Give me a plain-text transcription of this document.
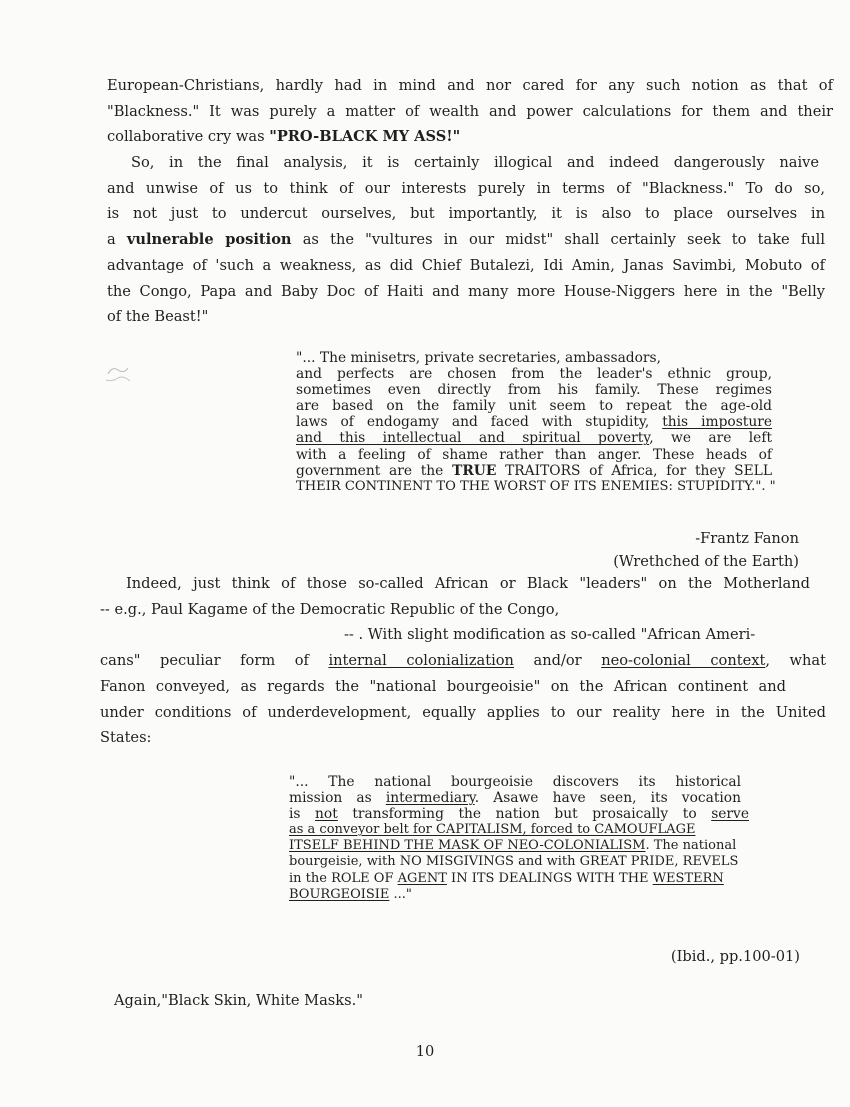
European-Christians, hardly had in mind and nor cared for any such notion as that of
"Blackness." It was purely a matter of wealth and power calculations for them and their
collaborative cry was "PRO-BLACK MY ASS!"
So, in the final analysis, it is certainly illogical and indeed dangerously naive
and unwise of us to think of our interests purely in terms of "Blackness." To do so,
is not just to undercut ourselves, but importantly, it is also to place ourselves in
a vulnerable position as the "vultures in our midst" shall certainly seek to take full
advantage of 'such a weakness, as did Chief Butalezi, Idi Amin, Janas Savimbi, Mobuto of
the Congo, Papa and Baby Doc of Haiti and many more House-Niggers here in the "Belly
of the Beast!"
"... The minisetrs, private secretaries, ambassadors,
and perfects are chosen from the leader's ethnic group,
sometimes even directly from his family. These regimes
are based on the family unit seem to repeat the age-old
laws of endogamy and faced with stupidity, this imposture
and this intellectual and spiritual poverty, we are left
with a feeling of shame rather than anger. These heads of
government are the TRUE TRAITORS of Africa, for they SELL
THEIR CONTINENT TO THE WORST OF ITS ENEMIES: STUPIDITY.". "
-Frantz Fanon
(Wrethched of the Earth)
Indeed, just think of those so-called African or Black "leaders" on the Motherland
-- e.g., Paul Kagame of the Democratic Republic of the Congo,
-- . With slight modification as so-called "African Ameri-
cans" peculiar form of internal colonialization and/or neo-colonial context, what
Fanon conveyed, as regards the "national bourgeoisie" on the African continent and
under conditions of underdevelopment, equally applies to our reality here in the United
States:
"... The national bourgeoisie discovers its historical
mission as intermediary. Asawe have seen, its vocation
is not transforming the nation but prosaically to serve
as a conveyor belt for CAPITALISM, forced to CAMOUFLAGE
ITSELF BEHIND THE MASK OF NEO-COLONIALISM. The national
bourgeisie, with NO MISGIVINGS and with GREAT PRIDE, REVELS
in the ROLE OF AGENT IN ITS DEALINGS WITH THE WESTERN
BOURGEOISIE ..."
(Ibid., pp.100-01)
Again,"Black Skin, White Masks."
10
